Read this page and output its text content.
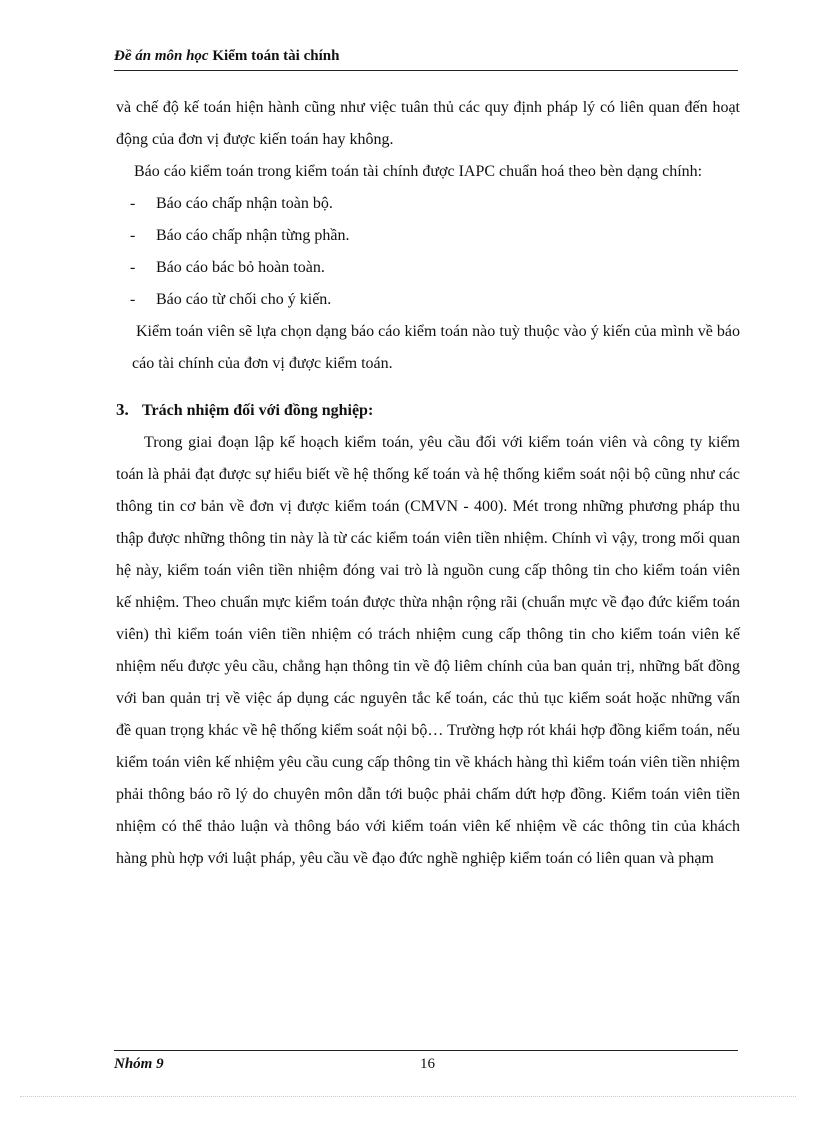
Đề án môn học Kiểm toán tài chính

và chế độ kế toán hiện hành cũng như việc tuân thủ các quy định pháp lý có liên quan đến hoạt động của đơn vị được kiến toán hay không.

Báo cáo kiểm toán trong kiểm toán tài chính được IAPC chuẩn hoá theo bèn dạng chính:

-	Báo cáo chấp nhận toàn bộ.
-	Báo cáo chấp nhận từng phần.
-	Báo cáo bác bỏ hoàn toàn.
-	Báo cáo từ chối cho ý kiến.

Kiểm toán viên sẽ lựa chọn dạng báo cáo kiểm toán nào tuỳ thuộc vào ý kiến của mình về báo cáo tài chính của đơn vị được kiểm toán.

3. Trách nhiệm đối với đồng nghiệp:

Trong giai đoạn lập kế hoạch kiểm toán, yêu cầu đối với kiểm toán viên và công ty kiểm toán là phải đạt được sự hiểu biết về hệ thống kế toán và hệ thống kiểm soát nội bộ cũng như các thông tin cơ bản về đơn vị được kiểm toán (CMVN - 400). Mét trong những phương pháp thu thập được những thông tin này là từ các kiểm toán viên tiền nhiệm. Chính vì vậy, trong mối quan hệ này, kiểm toán viên tiền nhiệm đóng vai trò là nguồn cung cấp thông tin cho kiểm toán viên kế nhiệm. Theo chuẩn mực kiểm toán được thừa nhận rộng rãi (chuẩn mực về đạo đức kiểm toán viên) thì kiểm toán viên tiền nhiệm có trách nhiệm cung cấp thông tin cho kiểm toán viên kế nhiệm nếu được yêu cầu, chẳng hạn thông tin về độ liêm chính của ban quản trị, những bất đồng với ban quản trị về việc áp dụng các nguyên tắc kế toán, các thủ tục kiểm soát hoặc những vấn đề quan trọng khác về hệ thống kiểm soát nội bộ… Trường hợp rót khái hợp đồng kiểm toán, nếu kiểm toán viên kế nhiệm yêu cầu cung cấp thông tin về khách hàng thì kiểm toán viên tiền nhiệm phải thông báo rõ lý do chuyên môn dẫn tới buộc phải chấm dứt hợp đồng. Kiểm toán viên tiền nhiệm có thể thảo luận và thông báo với kiểm toán viên kế nhiệm về các thông tin của khách hàng phù hợp với luật pháp, yêu cầu về đạo đức nghề nghiệp kiểm toán có liên quan và phạm

Nhóm 9	16
